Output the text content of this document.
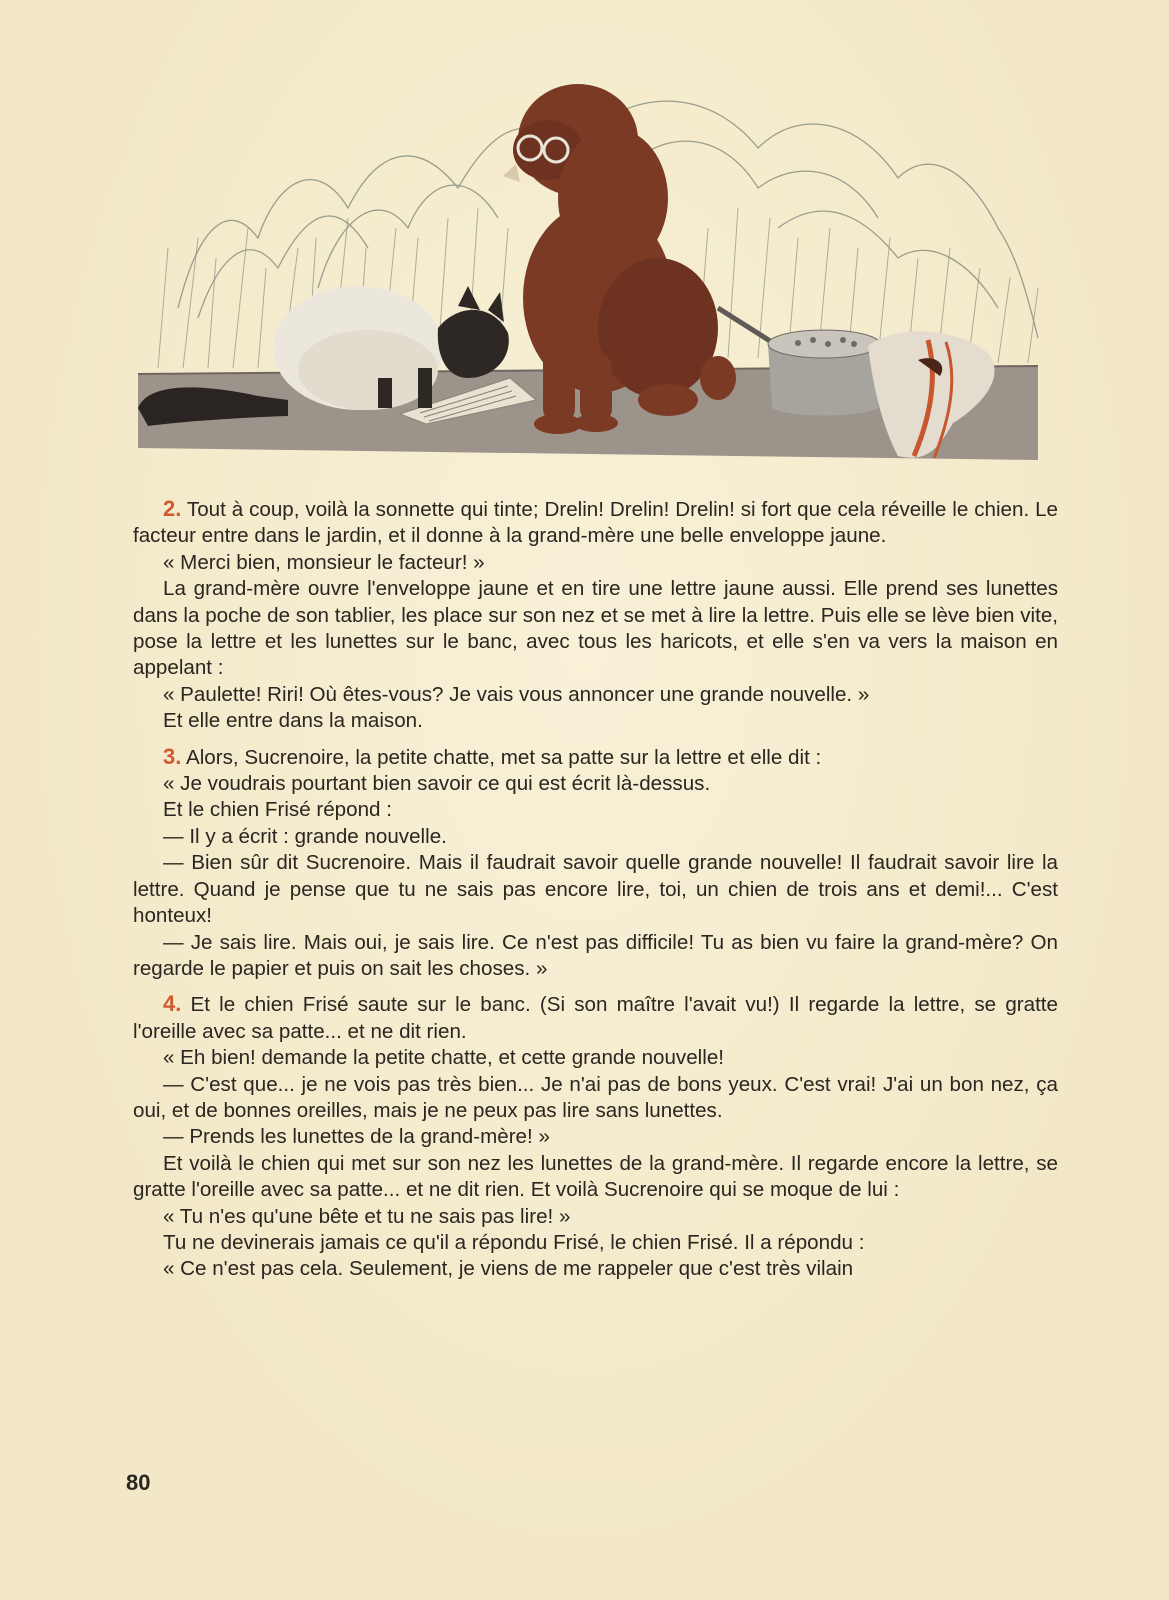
2. Tout à coup, voilà la sonnette qui tinte; Drelin! Drelin! Drelin! si fort que cela réveille le chien. Le facteur entre dans le jardin, et il donne à la grand-mère une belle enveloppe jaune.

« Merci bien, monsieur le facteur! »

La grand-mère ouvre l'enveloppe jaune et en tire une lettre jaune aussi. Elle prend ses lunettes dans la poche de son tablier, les place sur son nez et se met à lire la lettre. Puis elle se lève bien vite, pose la lettre et les lunettes sur le banc, avec tous les haricots, et elle s'en va vers la maison en appelant :

« Paulette! Riri! Où êtes-vous? Je vais vous annoncer une grande nouvelle. »

Et elle entre dans la maison.

3. Alors, Sucrenoire, la petite chatte, met sa patte sur la lettre et elle dit :

« Je voudrais pourtant bien savoir ce qui est écrit là-dessus.

Et le chien Frisé répond :

— Il y a écrit : grande nouvelle.

— Bien sûr dit Sucrenoire. Mais il faudrait savoir quelle grande nouvelle! Il faudrait savoir lire la lettre. Quand je pense que tu ne sais pas encore lire, toi, un chien de trois ans et demi!... C'est honteux!

— Je sais lire. Mais oui, je sais lire. Ce n'est pas difficile! Tu as bien vu faire la grand-mère? On regarde le papier et puis on sait les choses. »

4. Et le chien Frisé saute sur le banc. (Si son maître l'avait vu!) Il regarde la lettre, se gratte l'oreille avec sa patte... et ne dit rien.

« Eh bien! demande la petite chatte, et cette grande nouvelle!

— C'est que... je ne vois pas très bien... Je n'ai pas de bons yeux. C'est vrai! J'ai un bon nez, ça oui, et de bonnes oreilles, mais je ne peux pas lire sans lunettes.

— Prends les lunettes de la grand-mère! »

Et voilà le chien qui met sur son nez les lunettes de la grand-mère. Il regarde encore la lettre, se gratte l'oreille avec sa patte... et ne dit rien. Et voilà Sucrenoire qui se moque de lui :

« Tu n'es qu'une bête et tu ne sais pas lire! »

Tu ne devinerais jamais ce qu'il a répondu Frisé, le chien Frisé. Il a répondu :

« Ce n'est pas cela. Seulement, je viens de me rappeler que c'est très vilain

80
